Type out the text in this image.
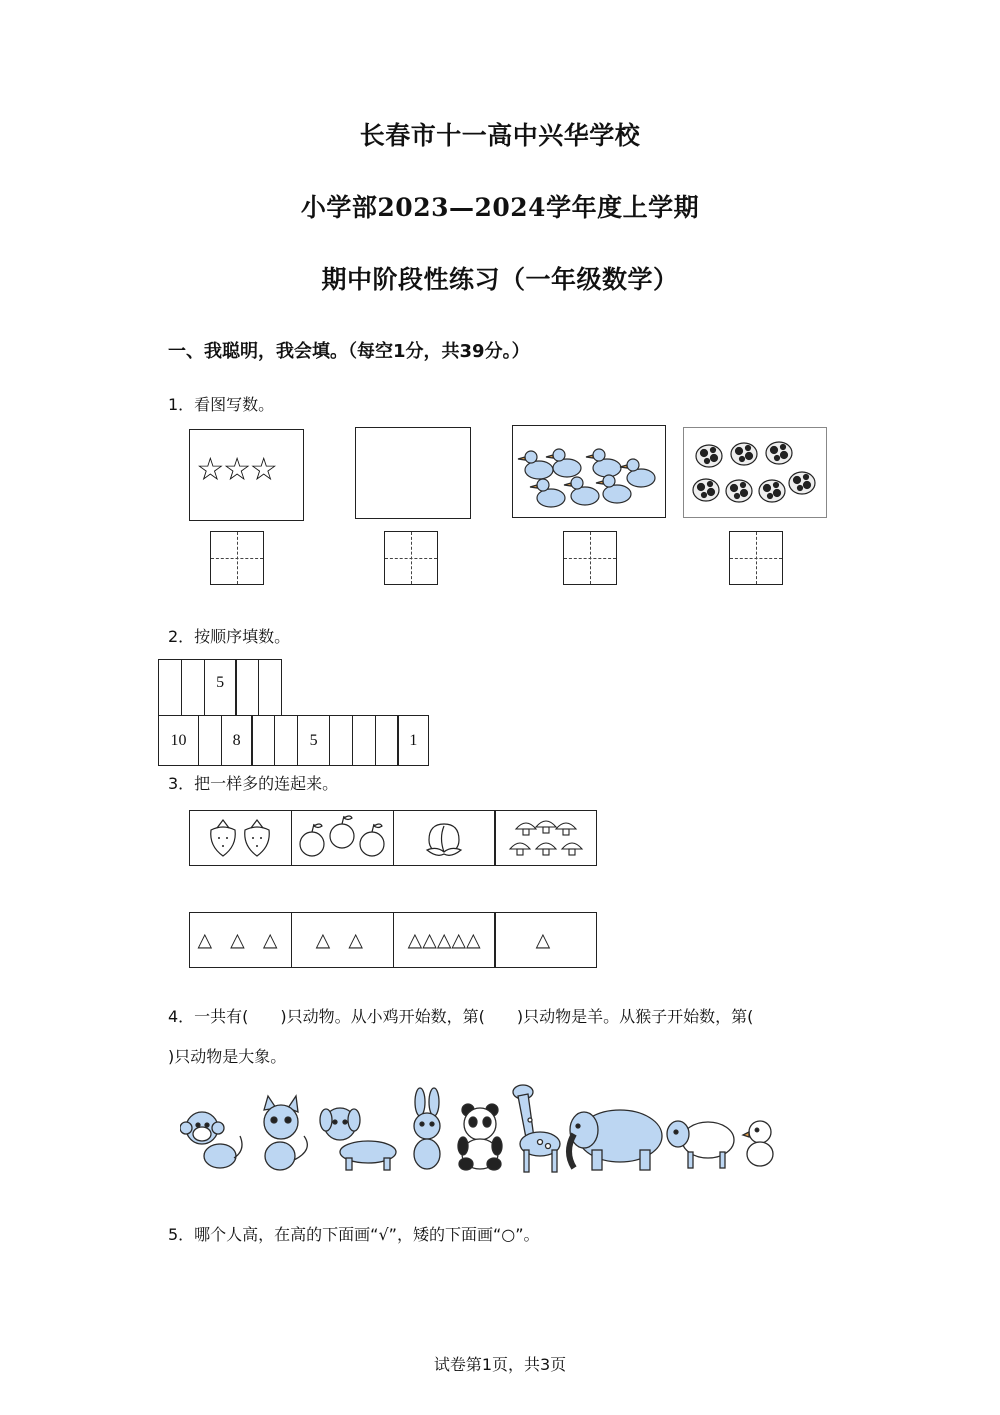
长春市十一高中兴华学校
小学部2023—2024学年度上学期
期中阶段性练习（一年级数学）
一、我聪明，我会填。（每空1分，共39分。）
1．看图写数。
☆☆☆
2．按顺序填数。
5
10	8	5	1
3．把一样多的连起来。
△ △ △	△ △	△△△△△	△
4．一共有(　　)只动物。从小鸡开始数，第(　　)只动物是羊。从猴子开始数，第(
)只动物是大象。
5．哪个人高，在高的下面画“√”，矮的下面画“○”。
试卷第1页，共3页
